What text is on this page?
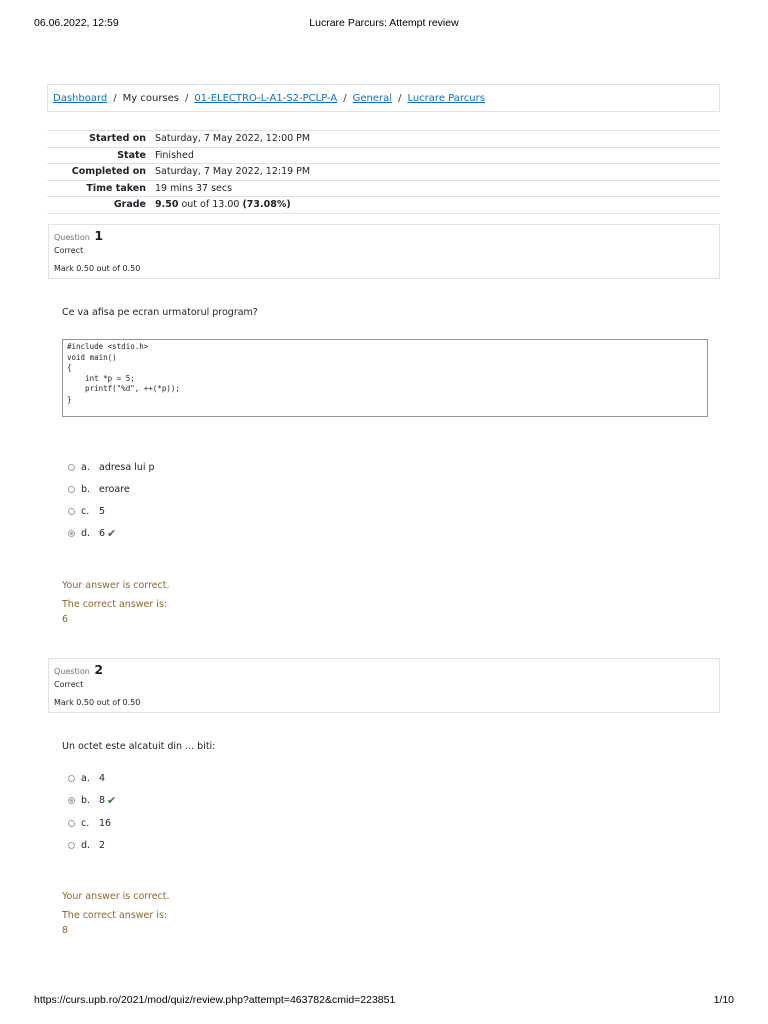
06.06.2022, 12:59	Lucrare Parcurs: Attempt review
Dashboard / My courses / 01-ELECTRO-L-A1-S2-PCLP-A / General / Lucrare Parcurs
Started on	Saturday, 7 May 2022, 12:00 PM
State	Finished
Completed on	Saturday, 7 May 2022, 12:19 PM
Time taken	19 mins 37 secs
Grade	9.50 out of 13.00 (73.08%)
Question 1
Correct
Mark 0.50 out of 0.50
Ce va afisa pe ecran urmatorul program?
#include <stdio.h>
void main()
{
int *p = 5;
printf("%d", ++(*p));
}
a. adresa lui p
b. eroare
c.	5
d. 6 ✔
Your answer is correct.
The correct answer is:
6
Question 2
Correct
Mark 0.50 out of 0.50
Un octet este alcatuit din ... biti:
a. 4
b. 8 ✔
c.	16
d. 2
Your answer is correct.
The correct answer is:
8
https://curs.upb.ro/2021/mod/quiz/review.php?attempt=463782&cmid=223851	1/10
